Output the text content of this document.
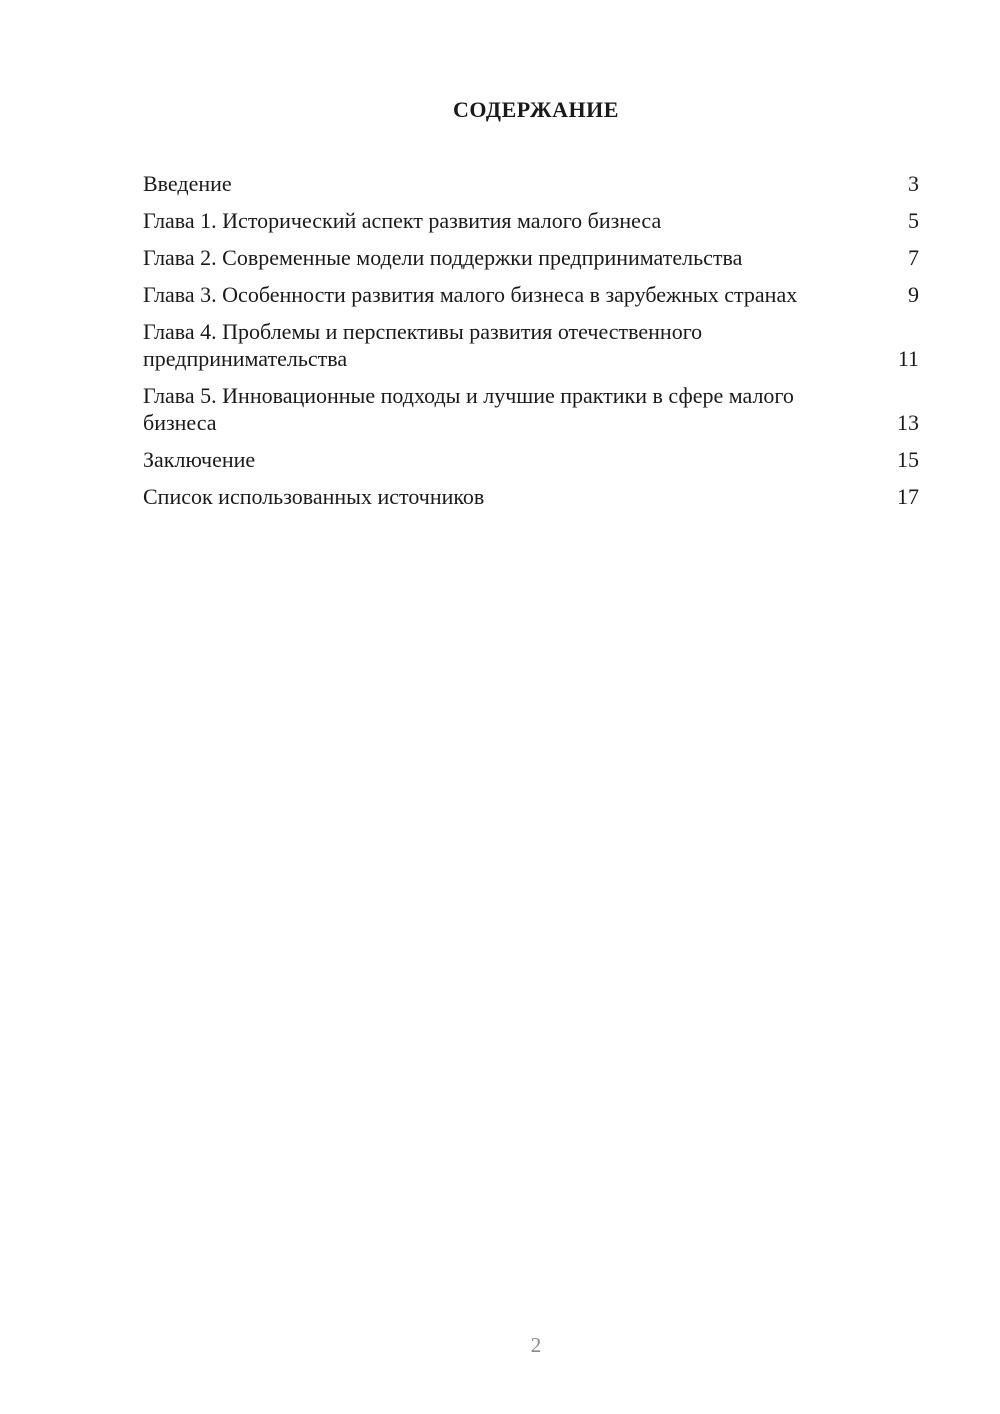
СОДЕРЖАНИЕ
Введение	3
Глава 1. Исторический аспект развития малого бизнеса	5
Глава 2. Современные модели поддержки предпринимательства	7
Глава 3. Особенности развития малого бизнеса в зарубежных странах	9
Глава 4. Проблемы и перспективы развития отечественного предпринимательства	11
Глава 5. Инновационные подходы и лучшие практики в сфере малого бизнеса	13
Заключение	15
Список использованных источников	17
2
